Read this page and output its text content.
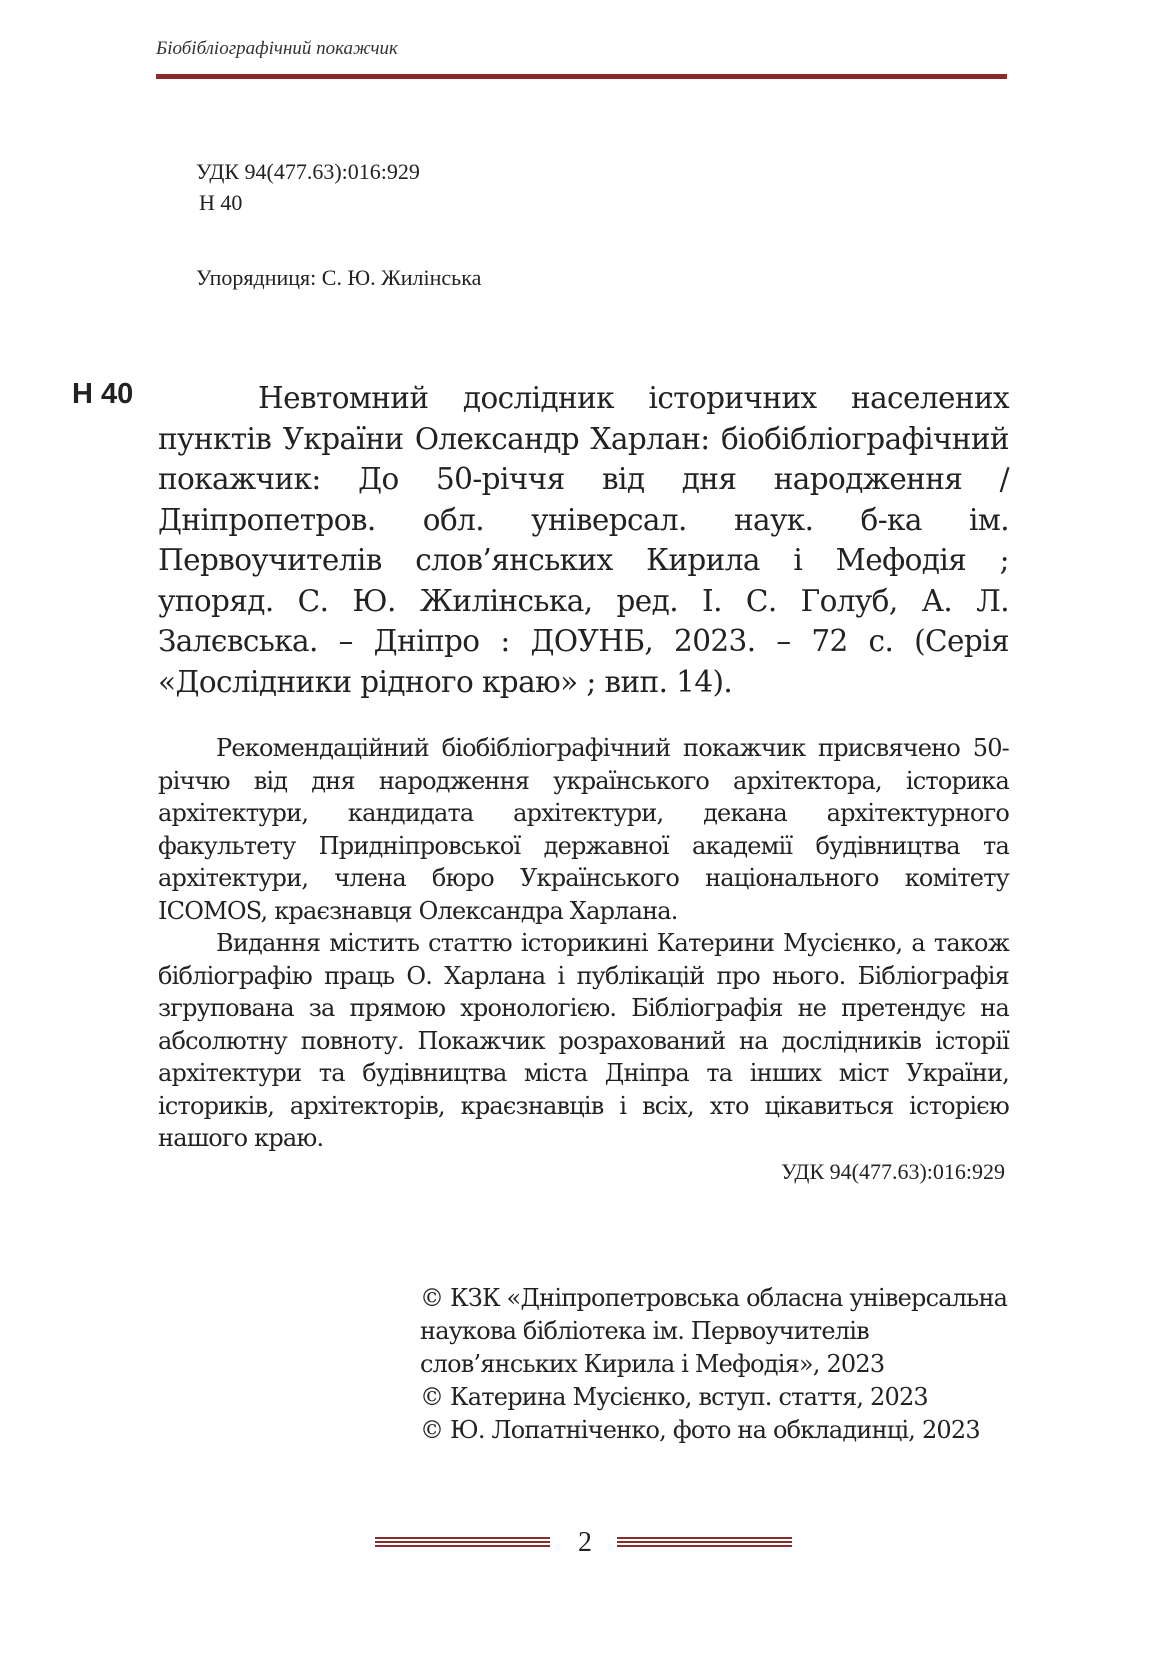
Біобібліографічний покажчик
УДК 94(477.63):016:929
Н 40
Упорядниця: С. Ю. Жилінська
Н 40	Невтомний дослідник історичних населених пунктів України Олександр Харлан: біобібліографічний покажчик: До 50-річчя від дня народження / Дніпропетров. обл. універсал. наук. б-ка ім. Первоучителів слов’янських Кирила і Мефодія ; упоряд. С. Ю. Жилінська, ред. І. С. Голуб, А. Л. Залєвська. – Дніпро : ДОУНБ, 2023. – 72 с. (Серія «Дослідники рідного краю» ; вип. 14).

Рекомендаційний біобібліографічний покажчик присвячено 50-річчю від дня народження українського архітектора, історика архітектури, кандидата архітектури, декана архітектурного факультету Придніпровської державної академії будівництва та архітектури, члена бюро Українського національного комітету ICOMOS, краєзнавця Олександра Харлана.

Видання містить статтю історикині Катерини Мусієнко, а також бібліографію праць О. Харлана і публікацій про нього. Бібліографія згрупована за прямою хронологією. Бібліографія не претендує на абсолютну повноту. Покажчик розрахований на дослідників історії архітектури та будівництва міста Дніпра та інших міст України, істориків, архітекторів, краєзнавців і всіх, хто цікавиться історією нашого краю.

УДК 94(477.63):016:929
© КЗК «Дніпропетровська обласна універсальна
наукова бібліотека ім. Первоучителів
слов’янських Кирила і Мефодія», 2023
© Катерина Мусієнко, вступ. стаття, 2023
© Ю. Лопатніченко, фото на обкладинці, 2023
2
